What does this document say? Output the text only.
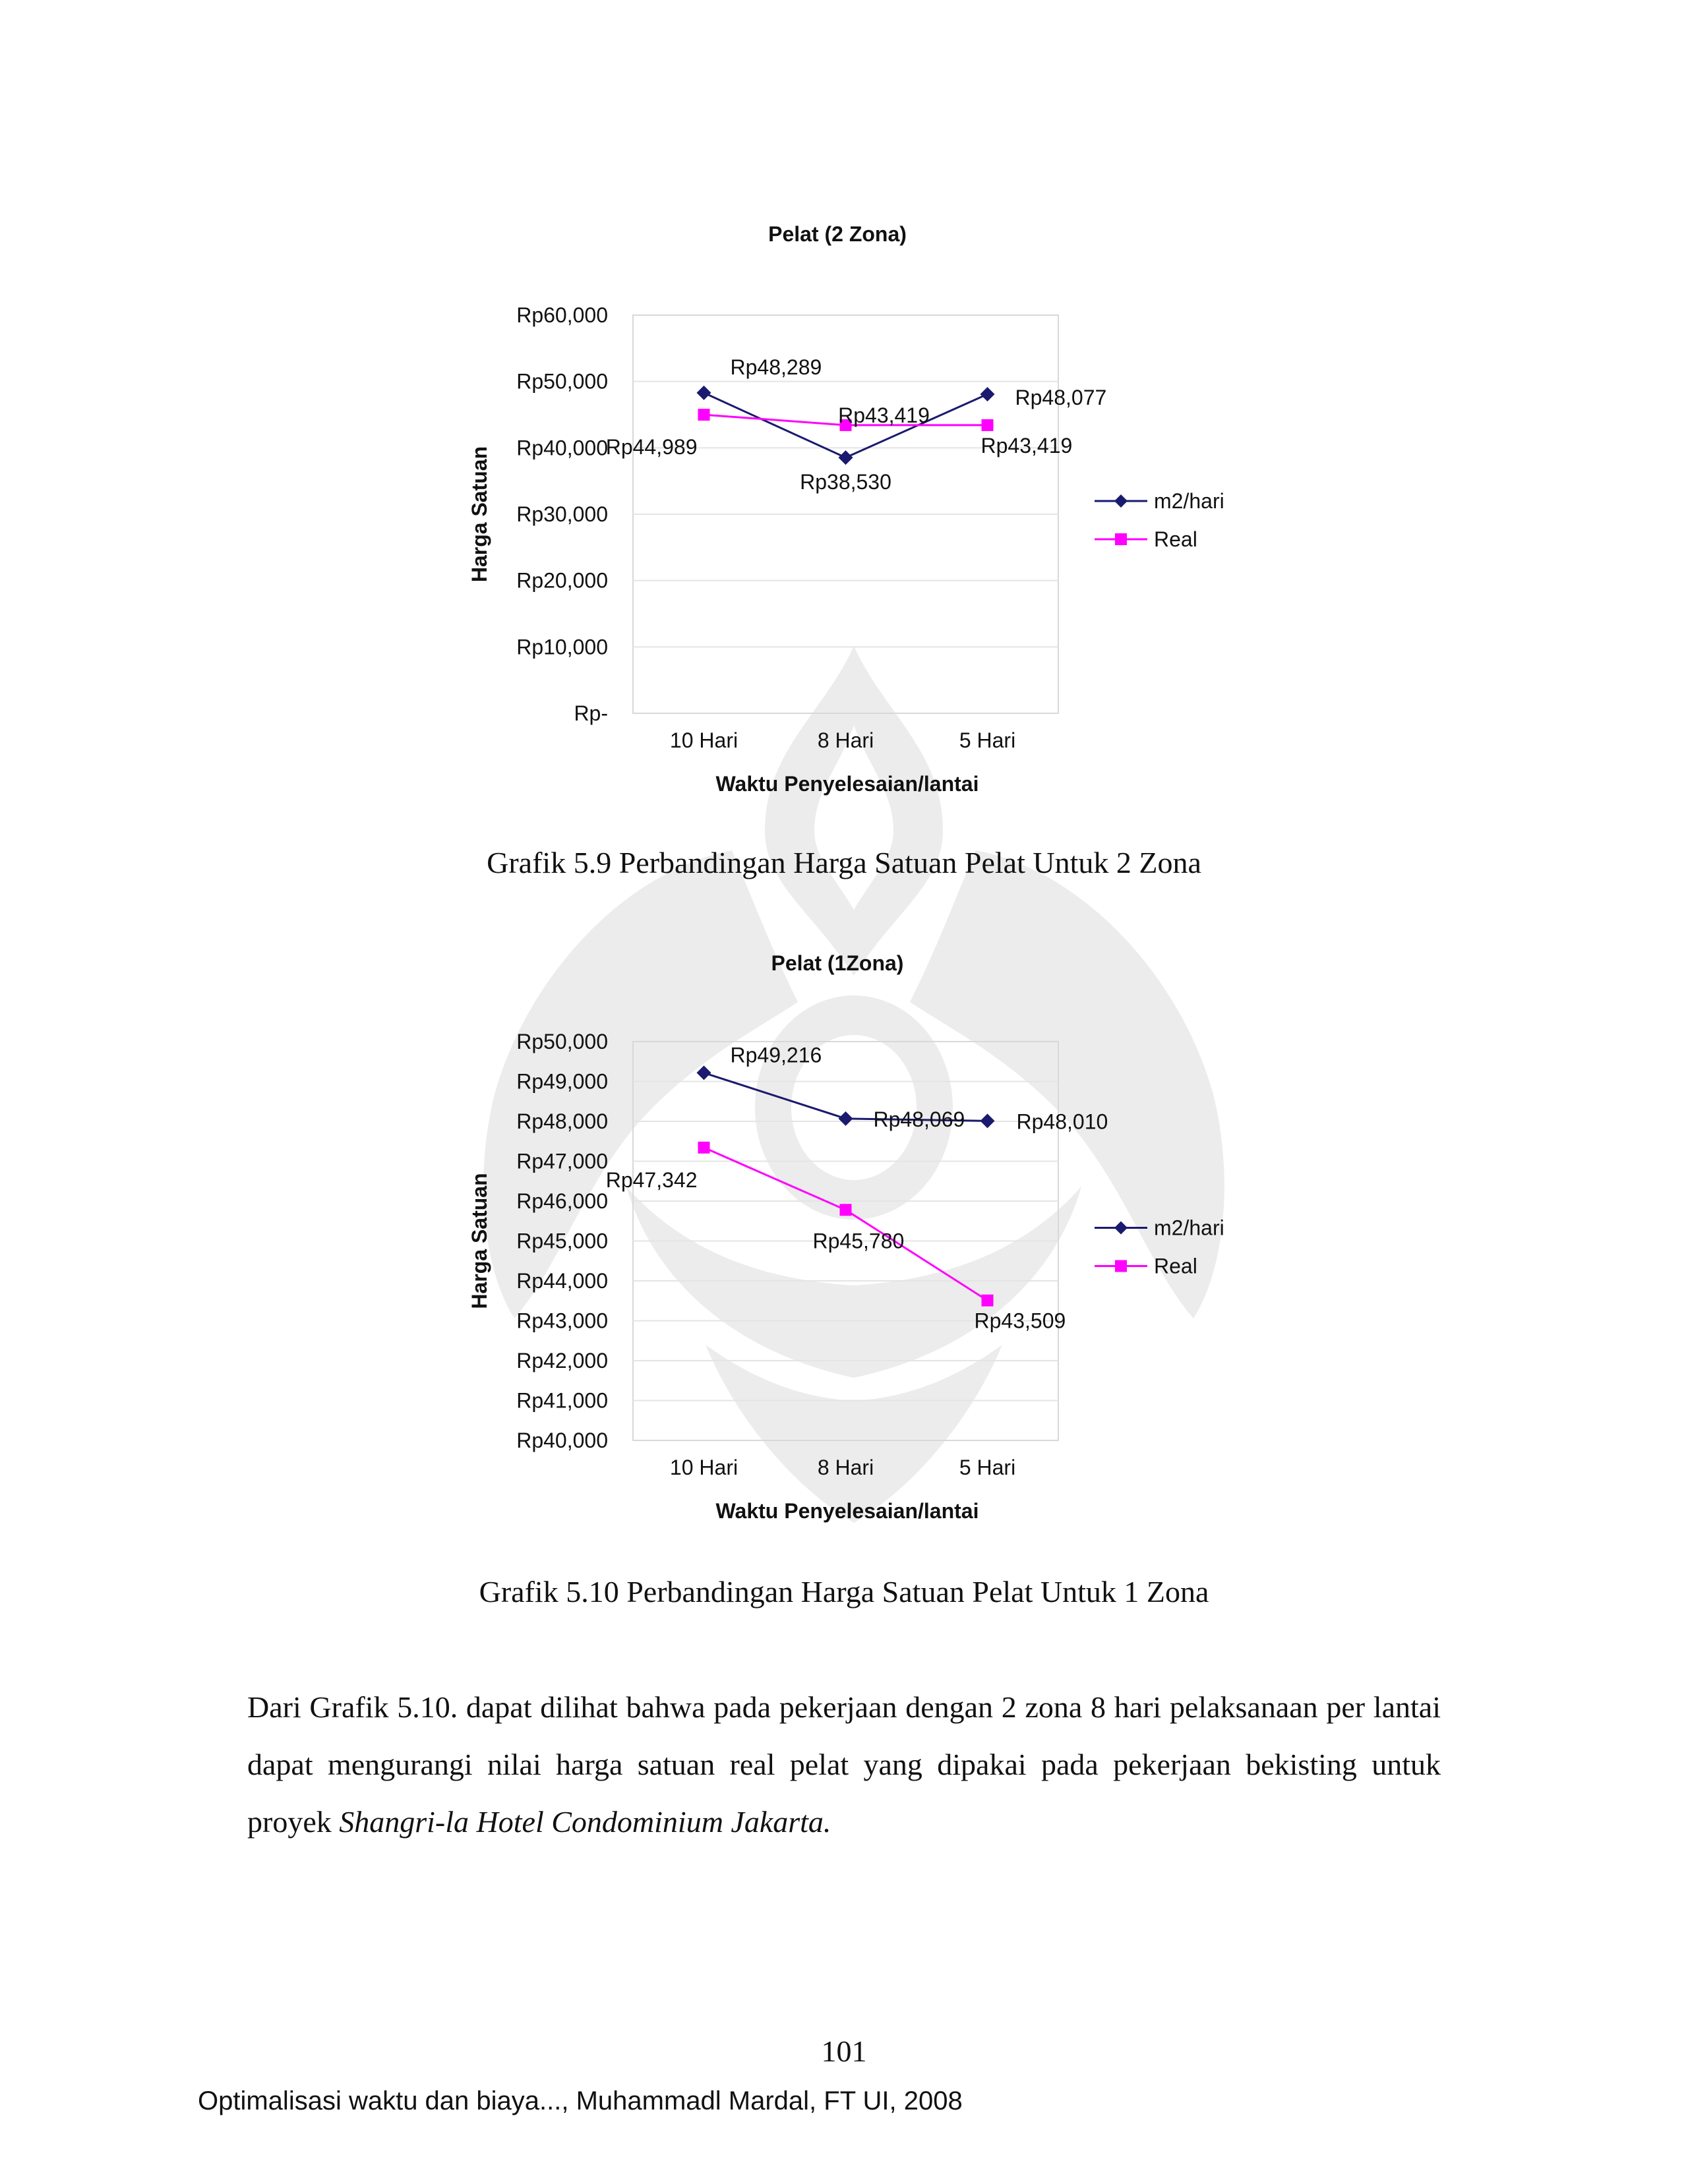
Pelat (2 Zona)
Rp-
Rp10,000
Rp20,000
Rp30,000
Rp40,000
Rp50,000
Rp60,000
10 Hari	8 Hari	5 Hari
Waktu Penyelesaian/lantai
Harga Satuan
Rp48,289
Rp38,530
Rp48,077
m2/hari
Rp44,989
Rp43,419
Rp43,419
Real
Grafik 5.9 Perbandingan Harga Satuan Pelat Untuk 2 Zona
Pelat (1Zona)
Rp40,000
Rp41,000
Rp42,000
Rp43,000
Rp44,000
Rp45,000
Rp46,000
Rp47,000
Rp48,000
Rp49,000
Rp50,000
10 Hari	8 Hari	5 Hari
Waktu Penyelesaian/lantai
Harga Satuan
Rp49,216
Rp48,069 Rp48,010
m2/hari
Rp47,342
Rp45,780
Rp43,509
Real
Grafik 5.10 Perbandingan Harga Satuan Pelat Untuk 1 Zona

Dari Grafik 5.10. dapat dilihat bahwa pada pekerjaan dengan 2 zona 8 hari pelaksanaan per lantai dapat mengurangi nilai harga satuan real pelat yang dipakai pada pekerjaan bekisting untuk proyek Shangri-la Hotel Condominium Jakarta.

101
Optimalisasi waktu dan biaya..., Muhammadl Mardal, FT UI, 2008
